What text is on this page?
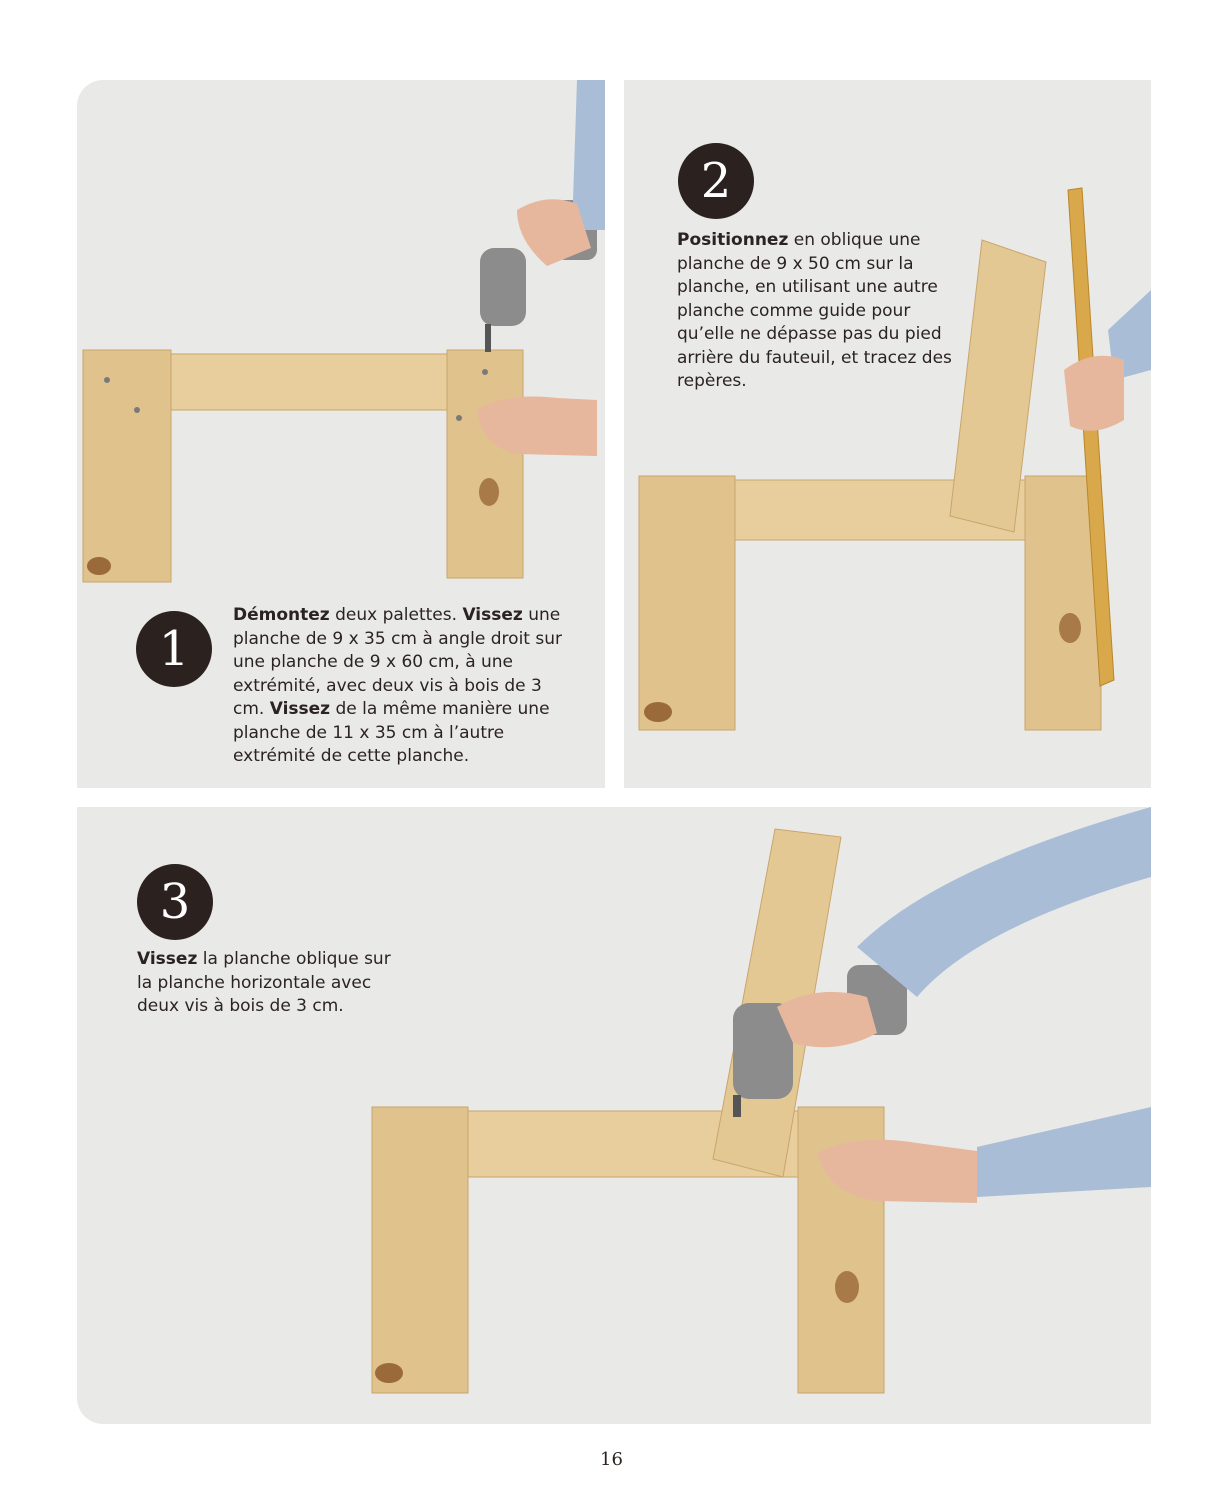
1

Démontez deux palettes. Vissez une planche de 9 x 35 cm à angle droit sur une planche de 9 x 60 cm, à une extrémité, avec deux vis à bois de 3 cm. Vissez de la même manière une planche de 11 x 35 cm à l’autre extrémité de cette planche.

2

Positionnez en oblique une planche de 9 x 50 cm sur la planche, en utilisant une autre planche comme guide pour qu’elle ne dépasse pas du pied arrière du fauteuil, et tracez des repères.

3

Vissez la planche oblique sur la planche horizontale avec deux vis à bois de 3 cm.

16
